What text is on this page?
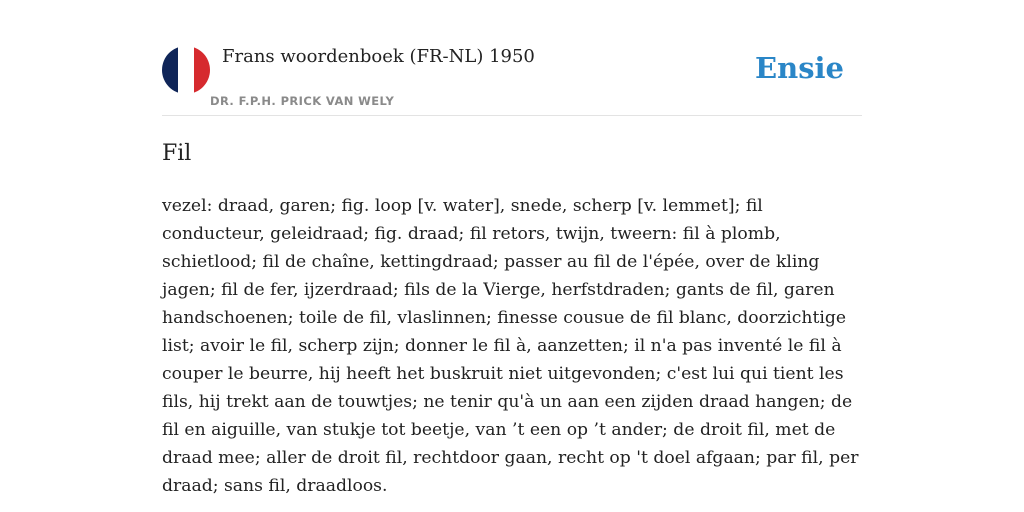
Frans woordenboek (FR-NL) 1950
DR. F.P.H. PRICK VAN WELY
Ensie
Fil

vezel: draad, garen; fig. loop [v. water], snede, scherp [v. lemmet]; fil conducteur, geleidraad; fig. draad; fil retors, twijn, tweern: fil à plomb, schietlood; fil de chaîne, kettingdraad; passer au fil de l'épée, over de kling jagen; fil de fer, ijzerdraad; fils de la Vierge, herfstdraden; gants de fil, garen handschoenen; toile de fil, vlaslinnen; finesse cousue de fil blanc, doorzichtige list; avoir le fil, scherp zijn; donner le fil à, aanzetten; il n'a pas inventé le fil à couper le beurre, hij heeft het buskruit niet uitgevonden; c'est lui qui tient les fils, hij trekt aan de touwtjes; ne tenir qu'à un aan een zijden draad hangen; de fil en aiguille, van stukje tot beetje, van ’t een op ’t ander; de droit fil, met de draad mee; aller de droit fil, rechtdoor gaan, recht op 't doel afgaan; par fil, per draad; sans fil, draadloos.
